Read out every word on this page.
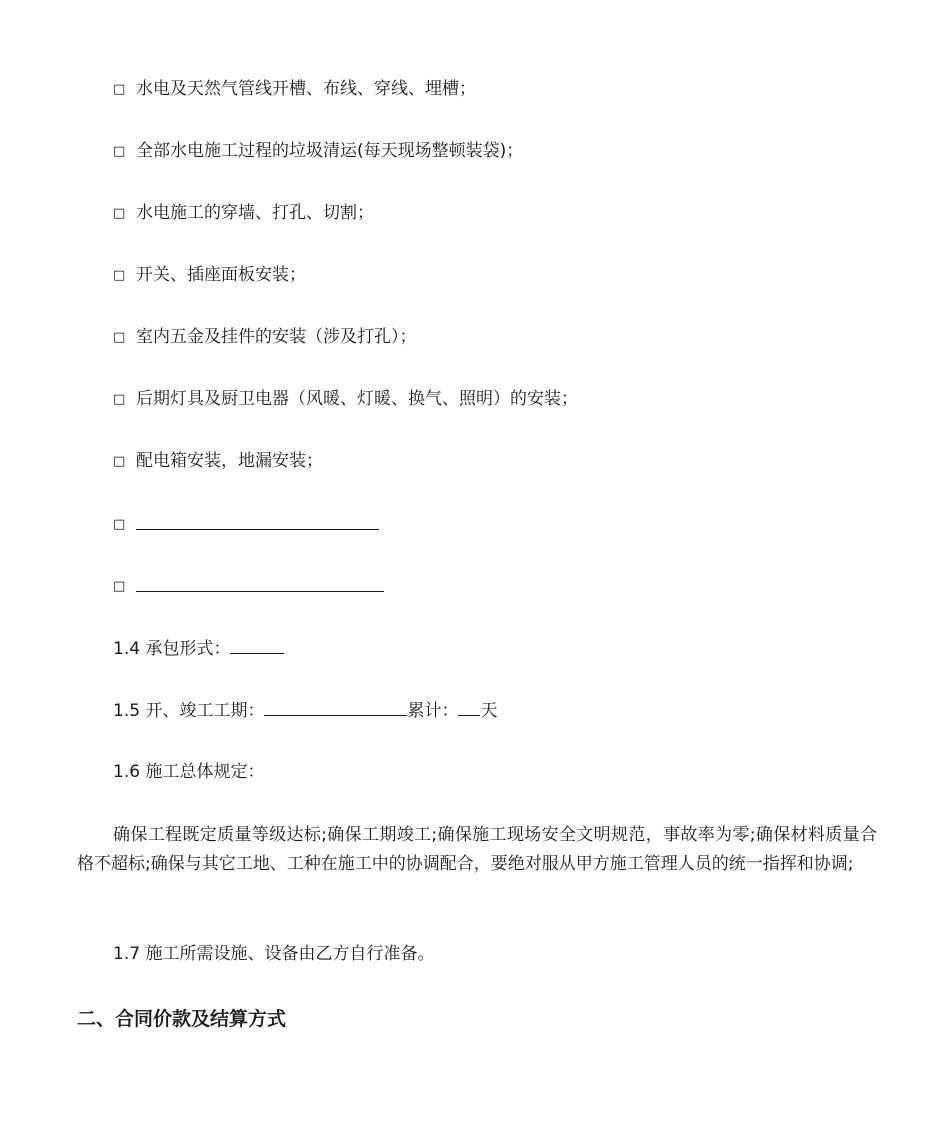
□ 水电及天然气管线开槽、布线、穿线、埋槽；
□ 全部水电施工过程的垃圾清运(每天现场整顿装袋)；
□ 水电施工的穿墙、打孔、切割；
□ 开关、插座面板安装；
□ 室内五金及挂件的安装（涉及打孔）；
□ 后期灯具及厨卫电器（风暖、灯暖、换气、照明）的安装；
□ 配电箱安装，地漏安装；
□
□
1.4 承包形式：
1.5 开、竣工工期：	累计： 天
1.6 施工总体规定：
确保工程既定质量等级达标;确保工期竣工;确保施工现场安全文明规范，事故率为零;确保材料质量合格不超标;确保与其它工地、工种在施工中的协调配合，要绝对服从甲方施工管理人员的统一指挥和协调;
1.7 施工所需设施、设备由乙方自行准备。
二、合同价款及结算方式
